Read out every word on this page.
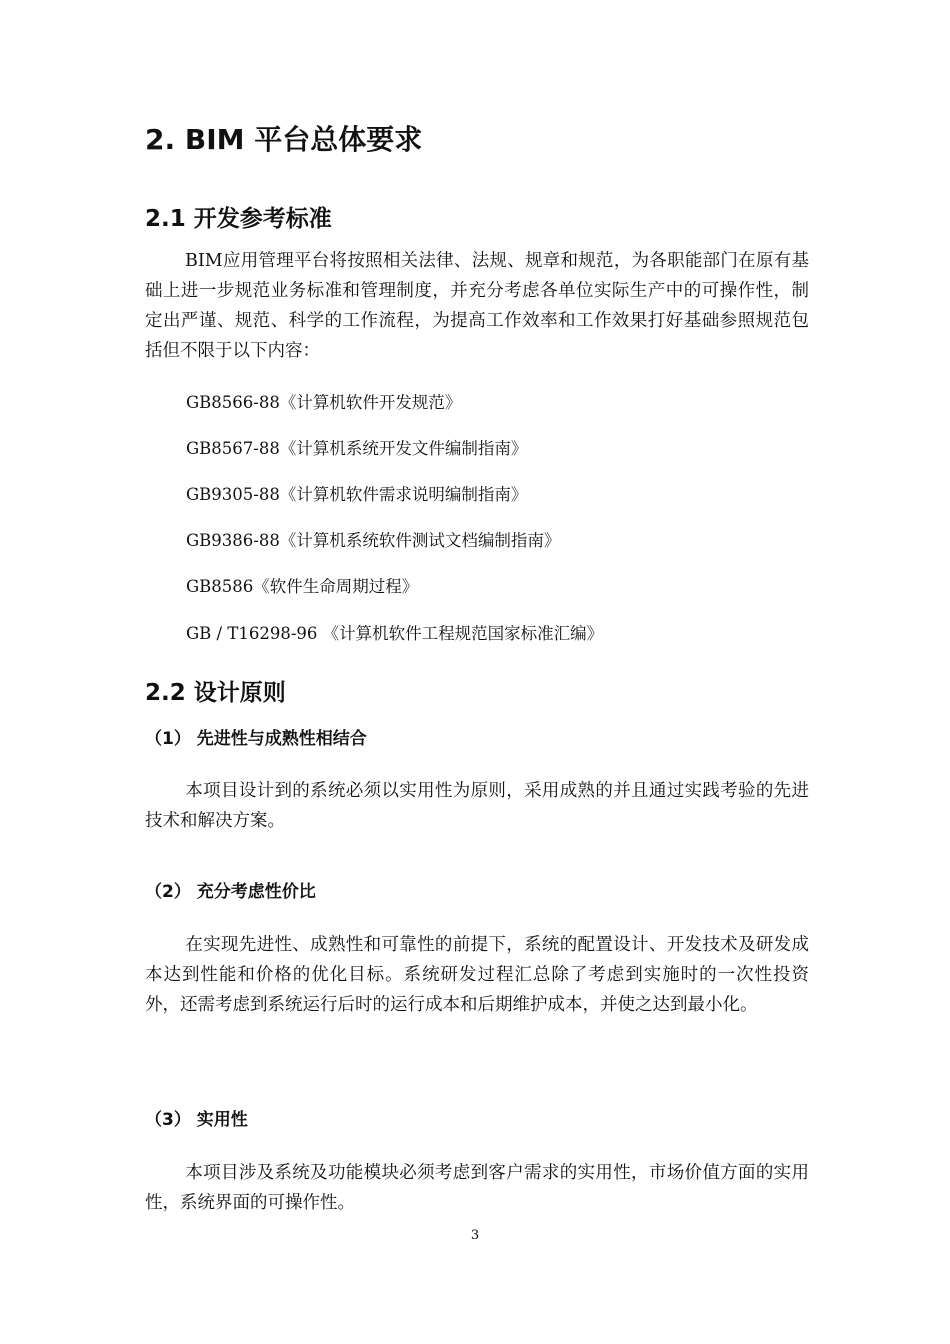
2. BIM 平台总体要求
2.1 开发参考标准
BIM应用管理平台将按照相关法律、法规、规章和规范，为各职能部门在原有基础上进一步规范业务标准和管理制度，并充分考虑各单位实际生产中的可操作性，制定出严谨、规范、科学的工作流程，为提高工作效率和工作效果打好基础参照规范包括但不限于以下内容：
GB8566-88《计算机软件开发规范》
GB8567-88《计算机系统开发文件编制指南》
GB9305-88《计算机软件需求说明编制指南》
GB9386-88《计算机系统软件测试文档编制指南》
GB8586《软件生命周期过程》
GB / T16298-96 《计算机软件工程规范国家标准汇编》
2.2 设计原则
（1） 先进性与成熟性相结合
本项目设计到的系统必须以实用性为原则，采用成熟的并且通过实践考验的先进技术和解决方案。
（2） 充分考虑性价比
在实现先进性、成熟性和可靠性的前提下，系统的配置设计、开发技术及研发成本达到性能和价格的优化目标。系统研发过程汇总除了考虑到实施时的一次性投资外，还需考虑到系统运行后时的运行成本和后期维护成本，并使之达到最小化。
（3） 实用性
本项目涉及系统及功能模块必须考虑到客户需求的实用性，市场价值方面的实用性，系统界面的可操作性。
3
